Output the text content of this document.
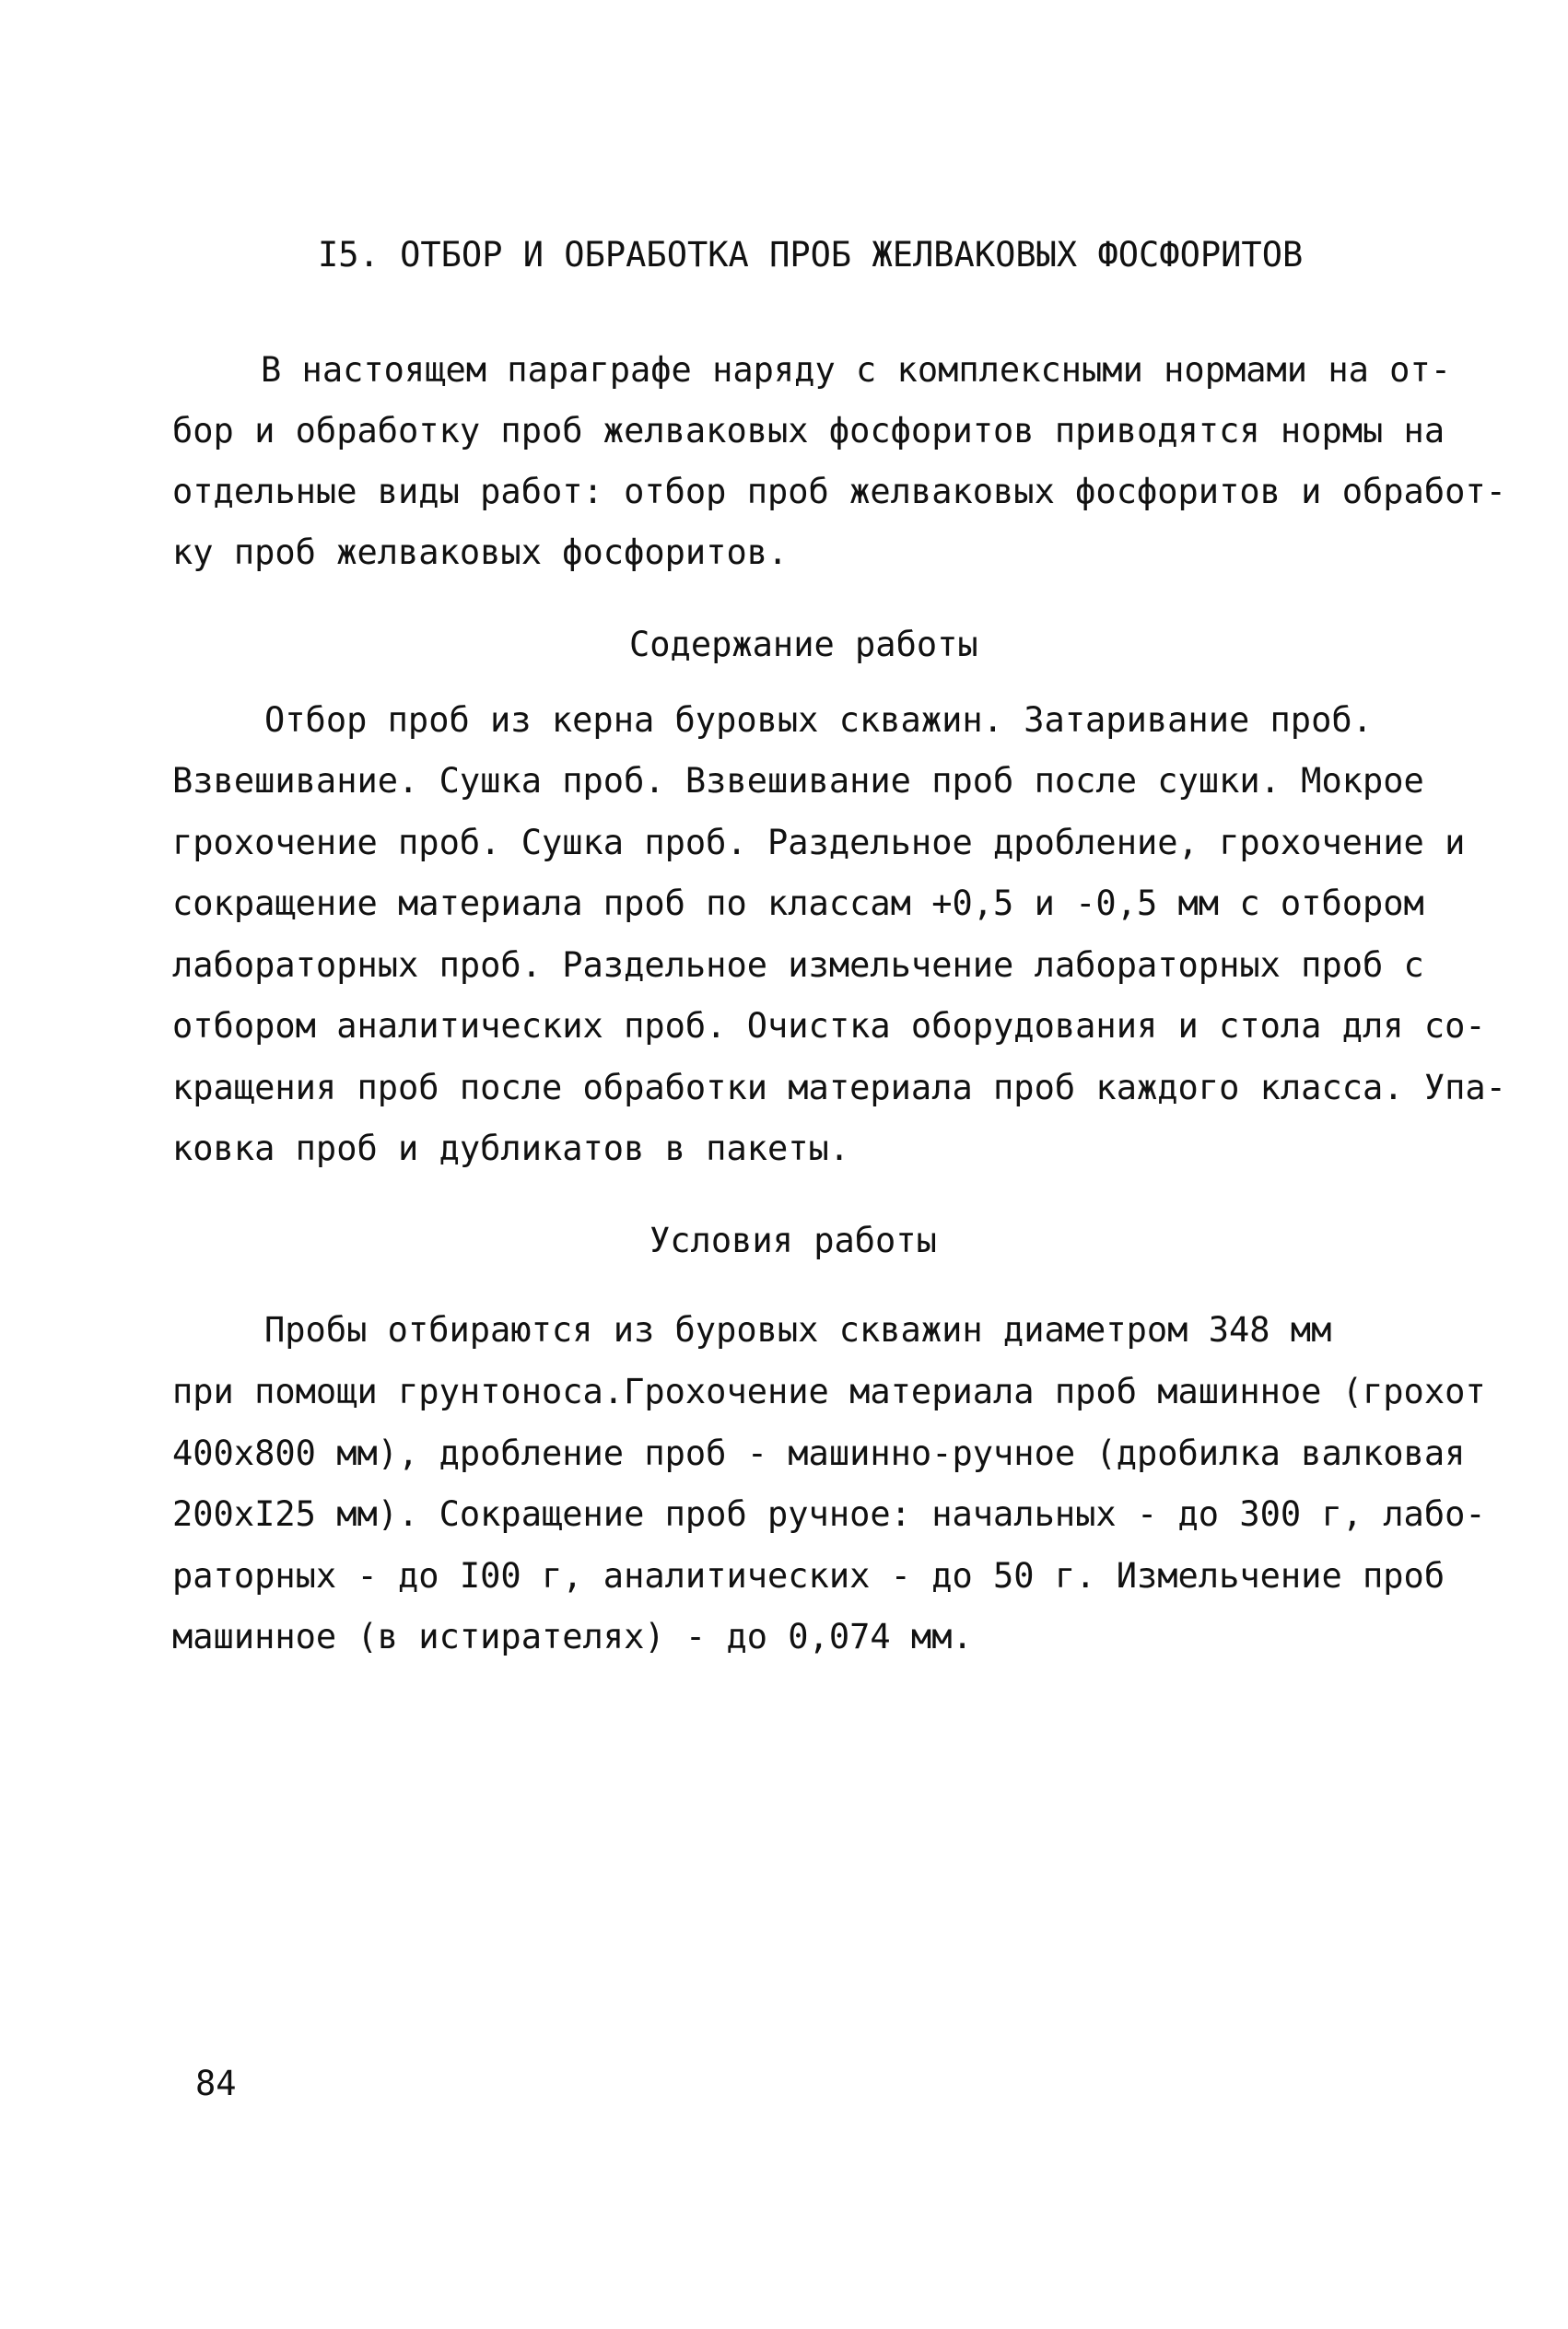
I5. ОТБОР И ОБРАБОТКА ПРОБ ЖЕЛВАКОВЫХ ФОСФОРИТОВ
В настоящем параграфе наряду с комплексными нормами на от-
бор и обработку проб желваковых фосфоритов приводятся нормы на
отдельные виды работ: отбор проб желваковых фосфоритов и обработ-
ку проб желваковых фосфоритов.
Содержание работы
Отбор проб из керна буровых скважин. Затаривание проб.
Взвешивание. Сушка проб. Взвешивание проб после сушки. Мокрое
грохочение проб. Сушка проб. Раздельное дробление, грохочение и
сокращение материала проб по классам +0,5 и -0,5 мм с отбором
лабораторных проб. Раздельное измельчение лабораторных проб с
отбором аналитических проб. Очистка оборудования и стола для со-
кращения проб после обработки материала проб каждого класса. Упа-
ковка проб и дубликатов в пакеты.
Условия работы
Пробы отбираются из буровых скважин диаметром 348 мм
при помощи грунтоноса.Грохочение материала проб машинное (грохот
400х800 мм), дробление проб - машинно-ручное (дробилка валковая
200хI25 мм). Сокращение проб ручное: начальных - до 300 г, лабо-
раторных - до I00 г, аналитических - до 50 г. Измельчение проб
машинное (в истирателях) - до 0,074 мм.
84
